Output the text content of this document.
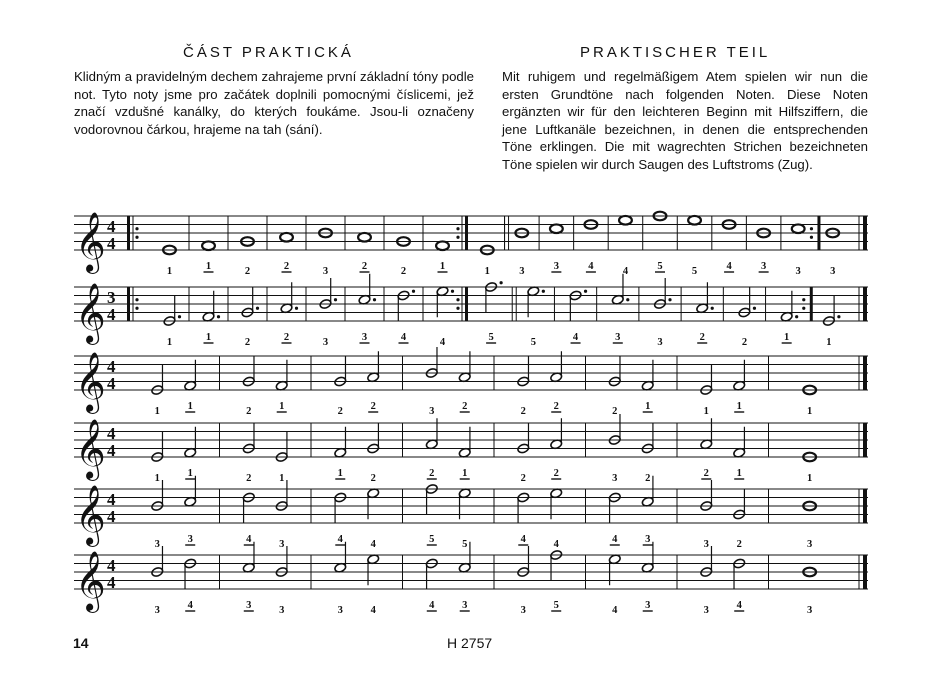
ČÁST PRAKTICKÁ	PRAKTISCHER TEIL
Klidným a pravidelným dechem zahrajeme první základní tóny podle not. Tyto noty jsme pro začátek doplnili pomocnými číslicemi, jež značí vzdušné kanálky, do kterých foukáme. Jsou-li označeny vodorovnou čárkou, hrajeme na tah (sání).
Mit ruhigem und regelmäßigem Atem spielen wir nun die ersten Grundtöne nach folgenden Noten. Diese Noten ergänzten wir für den leichteren Beginn mit Hilfsziffern, die jene Luftkanäle bezeichnen, in denen die entsprechenden Töne erklingen. Die mit wagrechten Strichen bezeichneten Töne spielen wir durch Saugen des Luftstroms (Zug).
𝄞 4
4
1	1	2	2	3	2	2	1	1	3	3	4	4	5	5	4	3	3	3
𝄞 3
4
1	1	2	2	3	3	4	4	5	5	4	3	3	2	2	1	1
𝄞 4
4
1	1	2	1	2	2	3	2	2	2	2	1	1	1	1
𝄞 4
4
1	1	2	1	1	2	2	1	2	2	3	2	2	1	1
𝄞 4
4
3	3	4	3	4	4	5	5	4	4	4	3	3	2	3
𝄞 4
4
3	4	3	3	3	4	4	3	3	5	4	3	3	4	3
14	H 2757
